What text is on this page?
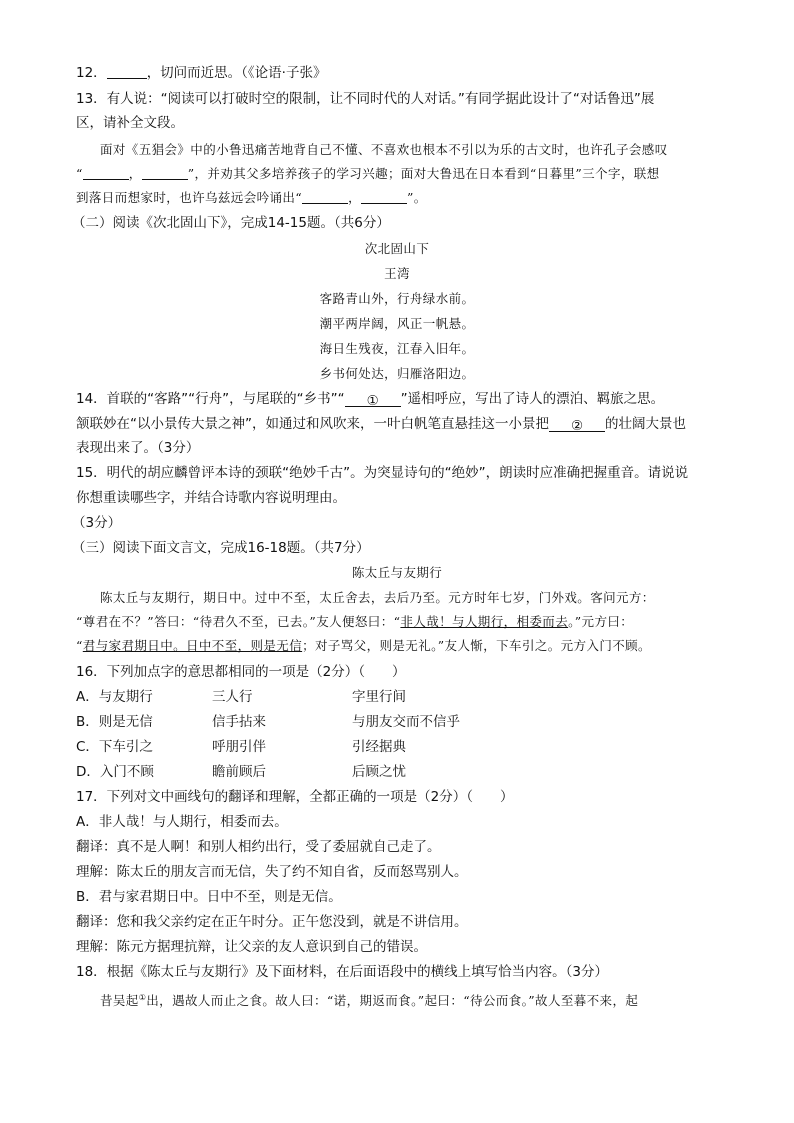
12．	，切问而近思。（《论语·子张》
13．有人说：“阅读可以打破时空的限制，让不同时代的人对话。”有同学据此设计了“对话鲁迅”展
区，请补全文段。
面对《五猖会》中的小鲁迅痛苦地背自己不懂、不喜欢也根本不引以为乐的古文时，也许孔子会感叹
“	，	”，并劝其父多培养孩子的学习兴趣；面对大鲁迅在日本看到“日暮里”三个字，联想
到落日而想家时，也许乌兹远会吟诵出“	，	”。
（二）阅读《次北固山下》，完成14-15题。（共6分）
次北固山下
王湾
客路青山外，行舟绿水前。
潮平两岸阔，风正一帆悬。
海日生残夜，江春入旧年。
乡书何处达，归雁洛阳边。
14．首联的“客路”“行舟”，与尾联的“乡书”“ ① ”遥相呼应，写出了诗人的漂泊、羁旅之思。
颔联妙在“以小景传大景之神”，如通过和风吹来，一叶白帆笔直悬挂这一小景把 ② 的壮阔大景也
表现出来了。（3分）
15．明代的胡应麟曾评本诗的颈联“绝妙千古”。为突显诗句的“绝妙”，朗读时应准确把握重音。请说说
你想重读哪些字，并结合诗歌内容说明理由。
（3分）
（三）阅读下面文言文，完成16-18题。（共7分）
陈太丘与友期行
陈太丘与友期行，期日中。过中不至，太丘舍去，去后乃至。元方时年七岁，门外戏。客问元方：
“尊君在不？”答曰：“待君久不至，已去。”友人便怒曰：“非人哉！与人期行，相委而去。”元方曰：
“君与家君期日中。日中不至，则是无信；对子骂父，则是无礼。”友人惭，下车引之。元方入门不顾。
16．下列加点字的意思都相同的一项是（2分）（　　）
A．与友期行	三人行	字里行间
B．则是无信	信手拈来	与朋友交而不信乎
C．下车引之	呼朋引伴	引经据典
D．入门不顾	瞻前顾后	后顾之忧
17．下列对文中画线句的翻译和理解，全都正确的一项是（2分）（　　）
A．非人哉！与人期行，相委而去。
翻译：真不是人啊！和别人相约出行，受了委屈就自己走了。
理解：陈太丘的朋友言而无信，失了约不知自省，反而怒骂别人。
B．君与家君期日中。日中不至，则是无信。
翻译：您和我父亲约定在正午时分。正午您没到，就是不讲信用。
理解：陈元方据理抗辩，让父亲的友人意识到自己的错误。
18．根据《陈太丘与友期行》及下面材料，在后面语段中的横线上填写恰当内容。（3分）
昔吴起①出，遇故人而止之食。故人曰：“诺，期返而食。”起曰：“待公而食。”故人至暮不来，起
